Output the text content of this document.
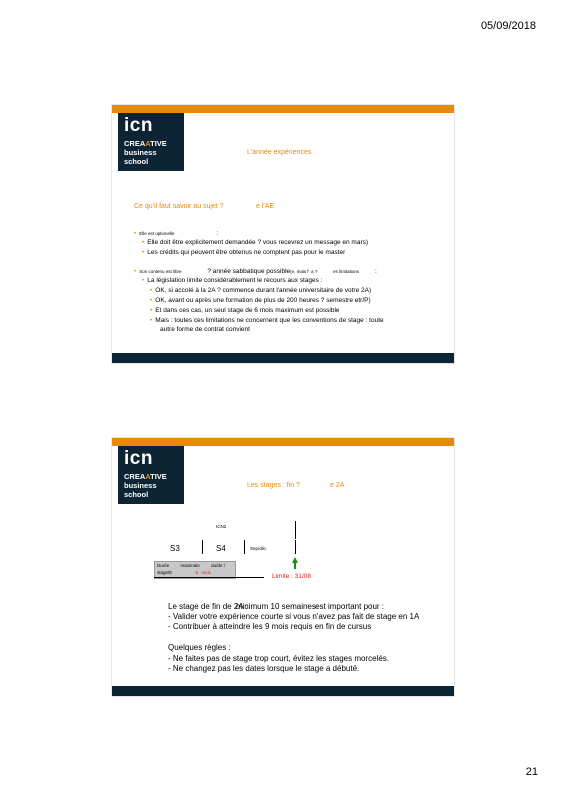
05/09/2018
icn
CREAATIVE
business
school
L'année expériences
Ce qu'il faut savoir au sujet ?	e l'AE
• Elle est optionelle	:
• Elle doit être explicitement demandée ? vous recevrez un message en mars)
• Les crédits qui peuvent être obtenus ne comptent pas pour le master
• Son contenu est libre	? année sabbatique possible(e, mais l' a ?	es limitations :
• La législation limite considérablement le recours aux stages :
• OK, si accolé à la 2A ? commence durant l'année universitaire de votre 2A)
• OK, avant ou après une formation de plus de 200 heures ? semestre etr/P)
• Et dans ces cas, un seul stage de 6 mois maximum est possible
• Mais : toutes ces limitations ne concernent que les conventions de stage : toute
autre forme de contrat convient
icn
CREAATIVE
business
school
Les stages : fin ?	e 2A
ICN2
S3	S4	Sep/déc
Durée	maximale	du/de l
stage/E	6 mois
Limite : 31/08
Le stage de fin de 2A : minimum 10 semaines est important pour :
- Valider votre expérience courte si vous n'avez pas fait de stage en 1A
- Contribuer à atteindre les 9 mois requis en fin de cursus
Quelques règles :
- Ne faites pas de stage trop court, évitez les stages morcelés.
- Ne changez pas les dates lorsque le stage a débuté.
21
